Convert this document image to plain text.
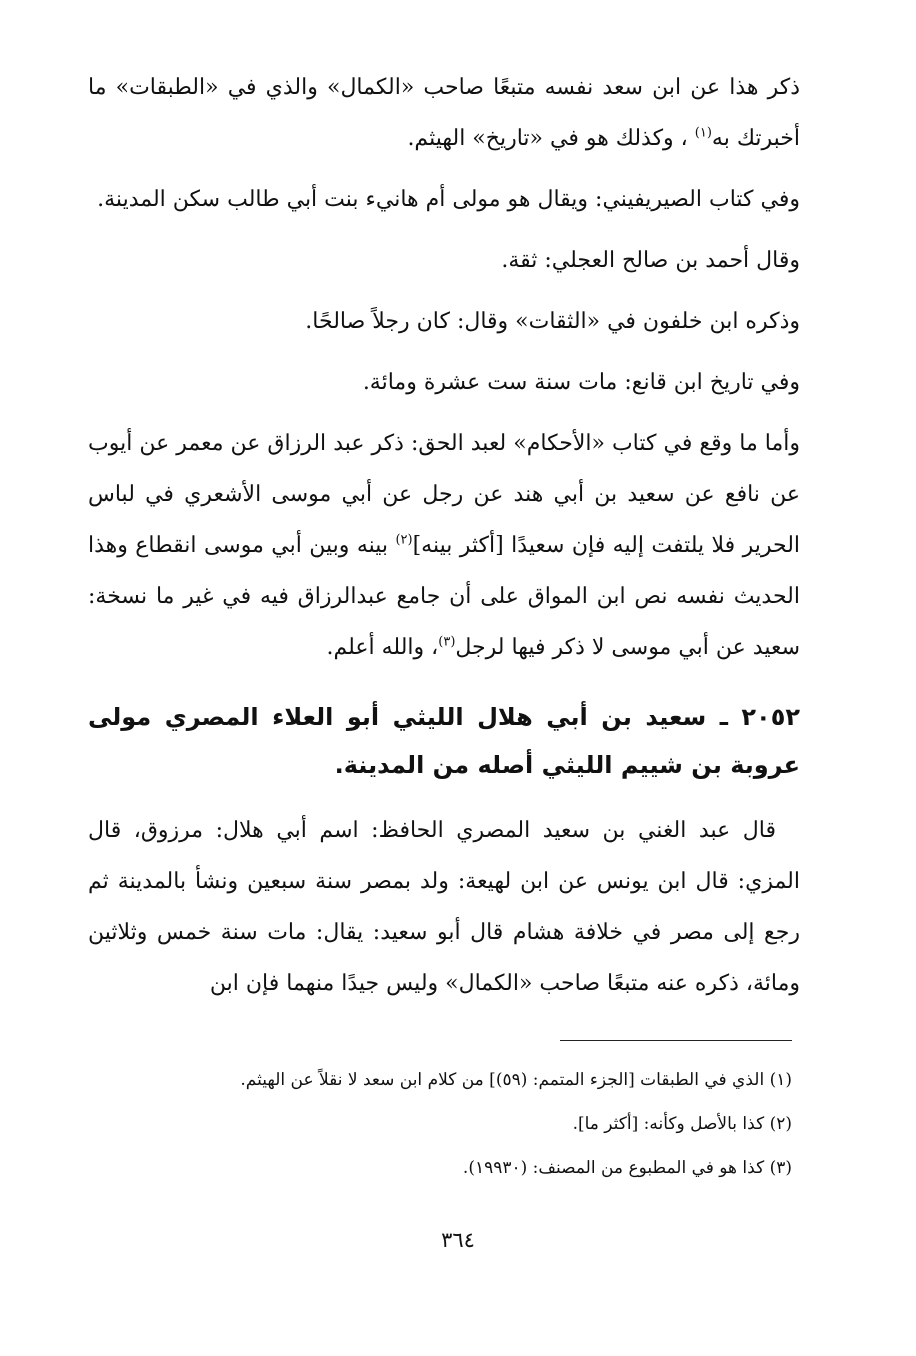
ذكر هذا عن ابن سعد نفسه متبعًا صاحب «الكمال» والذي في «الطبقات» ما أخبرتك به$^{(١)}$ ، وكذلك هو في «تاريخ» الهيثم.

وفي كتاب الصيريفيني: ويقال هو مولى أم هانيء بنت أبي طالب سكن المدينة.

وقال أحمد بن صالح العجلي: ثقة.

وذكره ابن خلفون في «الثقات» وقال: كان رجلاً صالحًا.

وفي تاريخ ابن قانع: مات سنة ست عشرة ومائة.

وأما ما وقع في كتاب «الأحكام» لعبد الحق: ذكر عبد الرزاق عن معمر عن أيوب عن نافع عن سعيد بن أبي هند عن رجل عن أبي موسى الأشعري في لباس الحرير فلا يلتفت إليه فإن سعيدًا [أكثر بينه]$^{(٢)}$ بينه وبين أبي موسى انقطاع وهذا الحديث نفسه نص ابن المواق على أن جامع عبدالرزاق فيه في غير ما نسخة: سعيد عن أبي موسى لا ذكر فيها لرجل$^{(٣)}$، والله أعلم.

٢٠٥٢ ـ سعيد بن أبي هلال الليثي أبو العلاء المصري مولى عروبة بن شييم الليثي أصله من المدينة.

قال عبد الغني بن سعيد المصري الحافظ: اسم أبي هلال: مرزوق، قال المزي: قال ابن يونس عن ابن لهيعة: ولد بمصر سنة سبعين ونشأ بالمدينة ثم رجع إلى مصر في خلافة هشام قال أبو سعيد: يقال: مات سنة خمس وثلاثين ومائة، ذكره عنه متبعًا صاحب «الكمال» وليس جيدًا منهما فإن ابن

(١) الذي في الطبقات [الجزء المتمم: (٥٩)] من كلام ابن سعد لا نقلاً عن الهيثم.

(٢) كذا بالأصل وكأنه: [أكثر ما].

(٣) كذا هو في المطبوع من المصنف: (١٩٩٣٠).

٣٦٤
